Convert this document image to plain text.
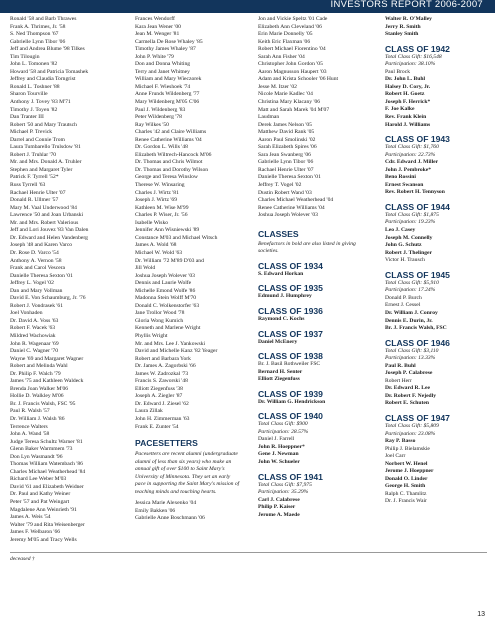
INVESTORS REPORT 2006-2007
Ronald '58 and Barb Thrawes
Frank A. Thrimes, Jr. '58
S. Ned Thompson '67
Gabrielle Lynn Tibor '06
Jeff and Andrea Blume '98 Tilkes
Tim Tilougin
John L. Tomonen '82
Howard '58 and Patricia Tomashek
Jeffrey and Claudia Torngrist
Ronald L. Toshner '88
Sharon Tourville
Anthony J. Tovey '83 M'71
Timothy J. Toyen '82
Dan Tranter III
Robert '50 and Mary Trautsch
Michael P. Trevick
Darrel and Connie Trom
Laura Tumbarello Trulsdow '81
Robert J. Truhlar '70
Mr. and Mrs. Donald A. Truhler
Stephen and Margaret Tyler
Patrick F. Tyrrell '52*
Russ Tyrrell '63
Rachael Henrie Ulter '07
Donald R. Ullmer '57
Mary M. Vaal Underwood '84
Lawrence '50 and Joan Urbanski
Mr. and Mrs. Robert Valerious
Jeff and Lori Jouvez '83 Van Dalen
Dr. Edward and Helen Vandenberg
Joseph '48 and Karen Varco
Dr. Rose D. Varco '54
Anthony A. Vernon '58
Frank and Carol Vescera
Danielle Theresa Sexton '01
Jeffrey L. Vogel '02
Dan and Mary Vollman
David E. Von Schaumburg, Jr. '76
Robert J. Vondrasek '61
Joel Vonhaden
Dr. David A. Voss '63
Robert F. Wacek '63
Mildred Wachowiak
John R. Wagenaar '69
Daniel C. Wagner '70
Wayne '69 and Margaret Wagner
Robert and Melinda Wahl
Dr. Philip F. Walch '79
James '75 and Kathleen Waldeck
Brenda Joan Walker M'06
Hollie D. Walkley M'06
Br. J. Francis Walsh, FSC '95
Paul R. Walsh '57
Dr. William J. Walsh '86
Terrence Walters
John A. Wand '58
Judge Teresa Schultz Warner '81
Glenn Baker Warmmem '73
Don Lyn Wasmandt '96
Thomas William Watembach '86
Charles Michael Weatherhead '84
Richard Lee Weber M'03
David '61 and Elizabeth Weidner
Dr. Paul and Kathy Weiner
Peter '57 and Pat Weingart
Magdalene Ann Weinrieth '91
James A. Weis '54
Walter '79 and Rita Weisenberger
James F. Welbaron '66
Jeremy M'05 and Tracy Wells
Frances Wendorff
Kara Jean Wener '00
Jean M. Wenger '81
Carmella De Rose Whaley '85
Timothy James Whaley '87
John P. White '79
Don and Donna Whiting
Terry and Janet Whitney
William and Mary Wieczorek
Michael F. Wieshoek '74
Anne Frunds Wildenberg '77
Mary Wildenberg M'05 C'06
Paul J. Wildenberg '83
Peter Wildenberg '78
Ray Wilkes '50
Charles '42 and Claire Williams
Renee Catherine Williams '04
Dr. Gordon L. Wills '48
Elizabeth Wiltrech-Hancock M'06
Dr. Thomas and Chris Wilmot
Dr. Thomas and Dorothy Wilson
George and Teresa Winslow
Therese W. Winsaring
Charles J. Wirtz '81
Joseph J. Wirtz '69
Kathleen M. Wise M'99
Charles P. Wiser, Jr. '56
Isabelle Wisko
Jennifer Ann Wisniewski '89
Constance M'03 and Michael Witsch
James A. Wold '68
Michael W. Wold '63
Dr. William '72 M'89 D'03 and
Jill Wold
Joshua Joseph Wolever '03
Dennis and Laurie Wolfe
Michelle Emond Wolfe '86
Madonna Stein Wolff M'70
Donald C. Wolkenstorfer '63
Jane Trollor Wood '78
Gloria Wong Kumich
Kenneth and Marlene Wright
Phyllis Wright
Mr. and Mrs. Lee J. Yankowski
David and Michelle Kanz '82 Yeager
Robert and Barbara York
Dr. James A. Zagorbski '66
James W. Zadrozkal '73
Francis S. Zaworski '48
Elliott Ziegenfuss '38
Joseph A. Ziegler '87
Dr. Edward J. Ziesel '62
Laura Zillak
John H. Zimmerman '63
Frank E. Zunter '54
PACESETTERS
Pacesetters are recent alumni (undergraduate alumni of less than six years) who make an annual gift of over $100 to Saint Mary's University of Minnesota. They set an early pace in supporting the Saint Mary's mission of teaching minds and touching hearts.
Jessica Marie Alexenko '04
Emily Bakken '06
Gabrielle Anne Boschmann '06
Jon and Vickie Speltz '01 Cade
Elizabeth Ann Cleveland '06
Erin Marie Donnelly '05
Keith Eric Flaxman '06
Robert Michael Fiorentino '04
Sarah Ann Fisher '04
Christopher John Gordon '05
Aaron Magnusson Haupert '03
Adam and Krista Schooler '06 Hunt
Jesse M. Itzer '02
Nicole Marie Kadlec '04
Christina Mary Klacany '06
Matt and Sarah Marek '04 M'07
Laudman
Derek James Nelson '05
Matthew David Rank '05
Aaron Paul Smolinski '02
Sarah Elizabeth Spires '06
Sara Jean Swanberg '06
Gabrielle Lynn Tibor '06
Rachael Henrie Ulter '07
Danielle Theresa Sexton '01
Jeffrey T. Vogel '02
Dustin Robert Wand '03
Charles Michael Weatherhead '04
Renee Catherine Williams '04
Joshua Joseph Wolever '03
CLASSES
Benefactors in bold are also listed in giving societies.
CLASS OF 1934
S. Edward Horkan
CLASS OF 1935
Edmund J. Humphrey
CLASS OF 1936
Raymond C. Kochs
CLASS OF 1937
Daniel McEnery
CLASS OF 1938
Br. J. Basil Rothweiler FSC
Bernard H. Senter
Elliott Ziegenfuss
CLASS OF 1939
Dr. William G. Hendrickson
CLASS OF 1940
Total Class Gift: $900
Participation: 28.57%
Daniel J. Farrell
John R. Hoeppner*
Gene J. Newman
John W. Schueler
CLASS OF 1941
Total Class Gift: $7,975
Participation: 35.29%
Carl J. Calabrese
Philip P. Kaiser
Jerome A. Maede
Walter R. O'Malley
Jerry R. Smith
Stanley Smith
CLASS OF 1942
Total Class Gift: $16,548
Participation: 38.10%
Paul Brock
Dr. John L. Buhl
Halsey D. Cory, Jr.
Robert H. Goetz
Joseph F. Herrick*
F. Joe Kalke
Rev. Frank Klein
Harold J. Williams
CLASS OF 1943
Total Class Gift: $1,760
Participation: 22.73%
Cdr. Edward J. Miller
John J. Pembroke*
Beno Rossini
Ernest Swanson
Rev. Robert H. Tennyson
CLASS OF 1944
Total Class Gift: $1,875
Participation: 19.23%
Leo J. Casey
Joseph M. Connelly
John G. Schutz
Robert J. Thelinger
Victor H. Trausch
CLASS OF 1945
Total Class Gift: $5,910
Participation: 17.24%
Donald P. Burch
Ernest J. Cessel
Dr. William J. Conroy
Dennis E. Durin, Jr.
Br. J. Francis Walsh, FSC
CLASS OF 1946
Total Class Gift: $3,110
Participation: 13.33%
Paul R. Buhl
Joseph P. Calabrese
Robert Herr
Dr. Edward R. Lee
Dr. Robert F. Nejedly
Robert E. Schuten
CLASS OF 1947
Total Class Gift: $5,809
Participation: 23.08%
Ray P. Basso
Philip J. Bielamskie
Joel Carr
Norbert W. Henel
Jerome J. Hoeppner
Donald O. Linder
George H. Smith
Ralph C. Thamlitz
Dr. J. Francis Wair
deceased †
13
